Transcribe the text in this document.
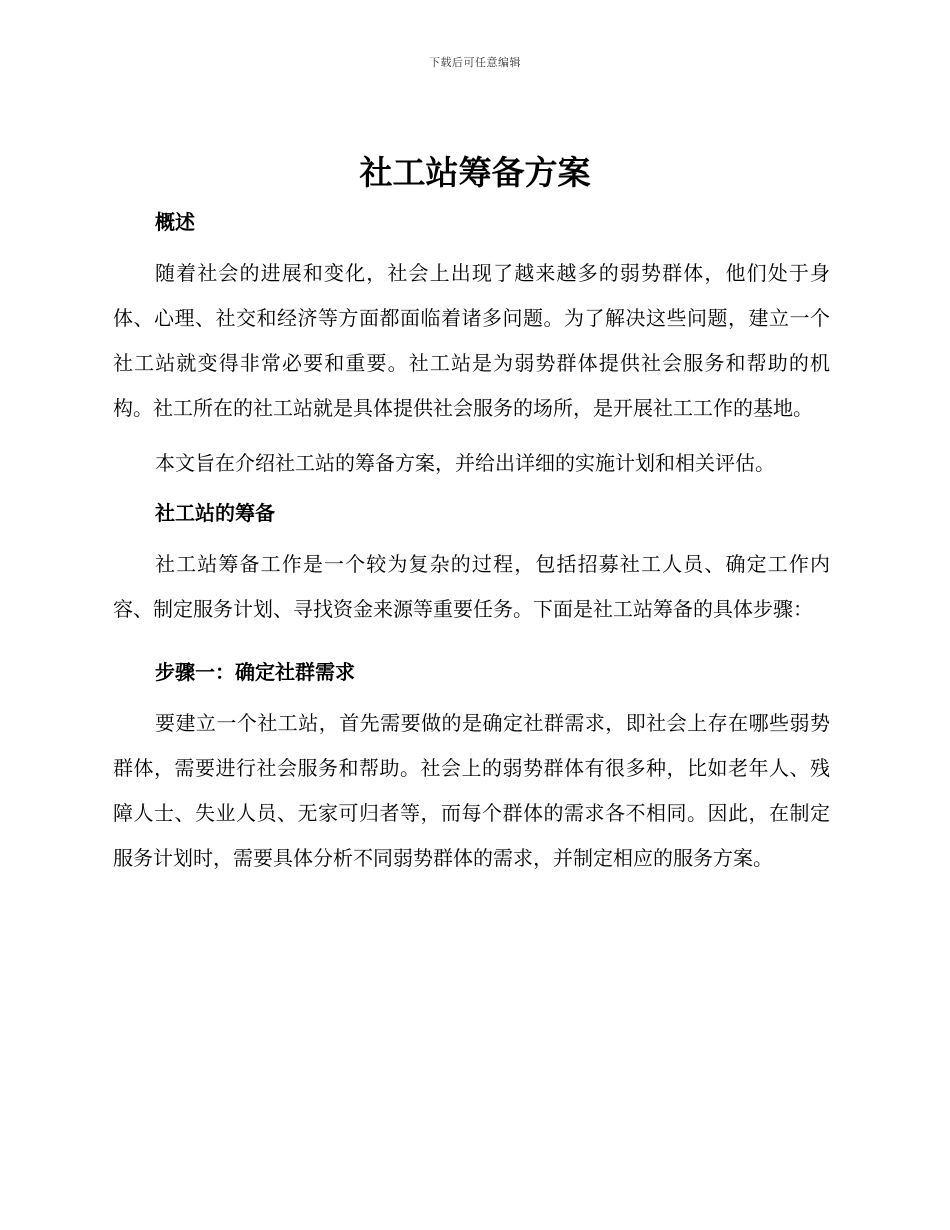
下载后可任意编辑
社工站筹备方案
概述

随着社会的进展和变化，社会上出现了越来越多的弱势群体，他们处于身体、心理、社交和经济等方面都面临着诸多问题。为了解决这些问题，建立一个社工站就变得非常必要和重要。社工站是为弱势群体提供社会服务和帮助的机构。社工所在的社工站就是具体提供社会服务的场所，是开展社工工作的基地。

本文旨在介绍社工站的筹备方案，并给出详细的实施计划和相关评估。

社工站的筹备

社工站筹备工作是一个较为复杂的过程，包括招募社工人员、确定工作内容、制定服务计划、寻找资金来源等重要任务。下面是社工站筹备的具体步骤：

步骤一：确定社群需求

要建立一个社工站，首先需要做的是确定社群需求，即社会上存在哪些弱势群体，需要进行社会服务和帮助。社会上的弱势群体有很多种，比如老年人、残障人士、失业人员、无家可归者等，而每个群体的需求各不相同。因此，在制定服务计划时，需要具体分析不同弱势群体的需求，并制定相应的服务方案。
